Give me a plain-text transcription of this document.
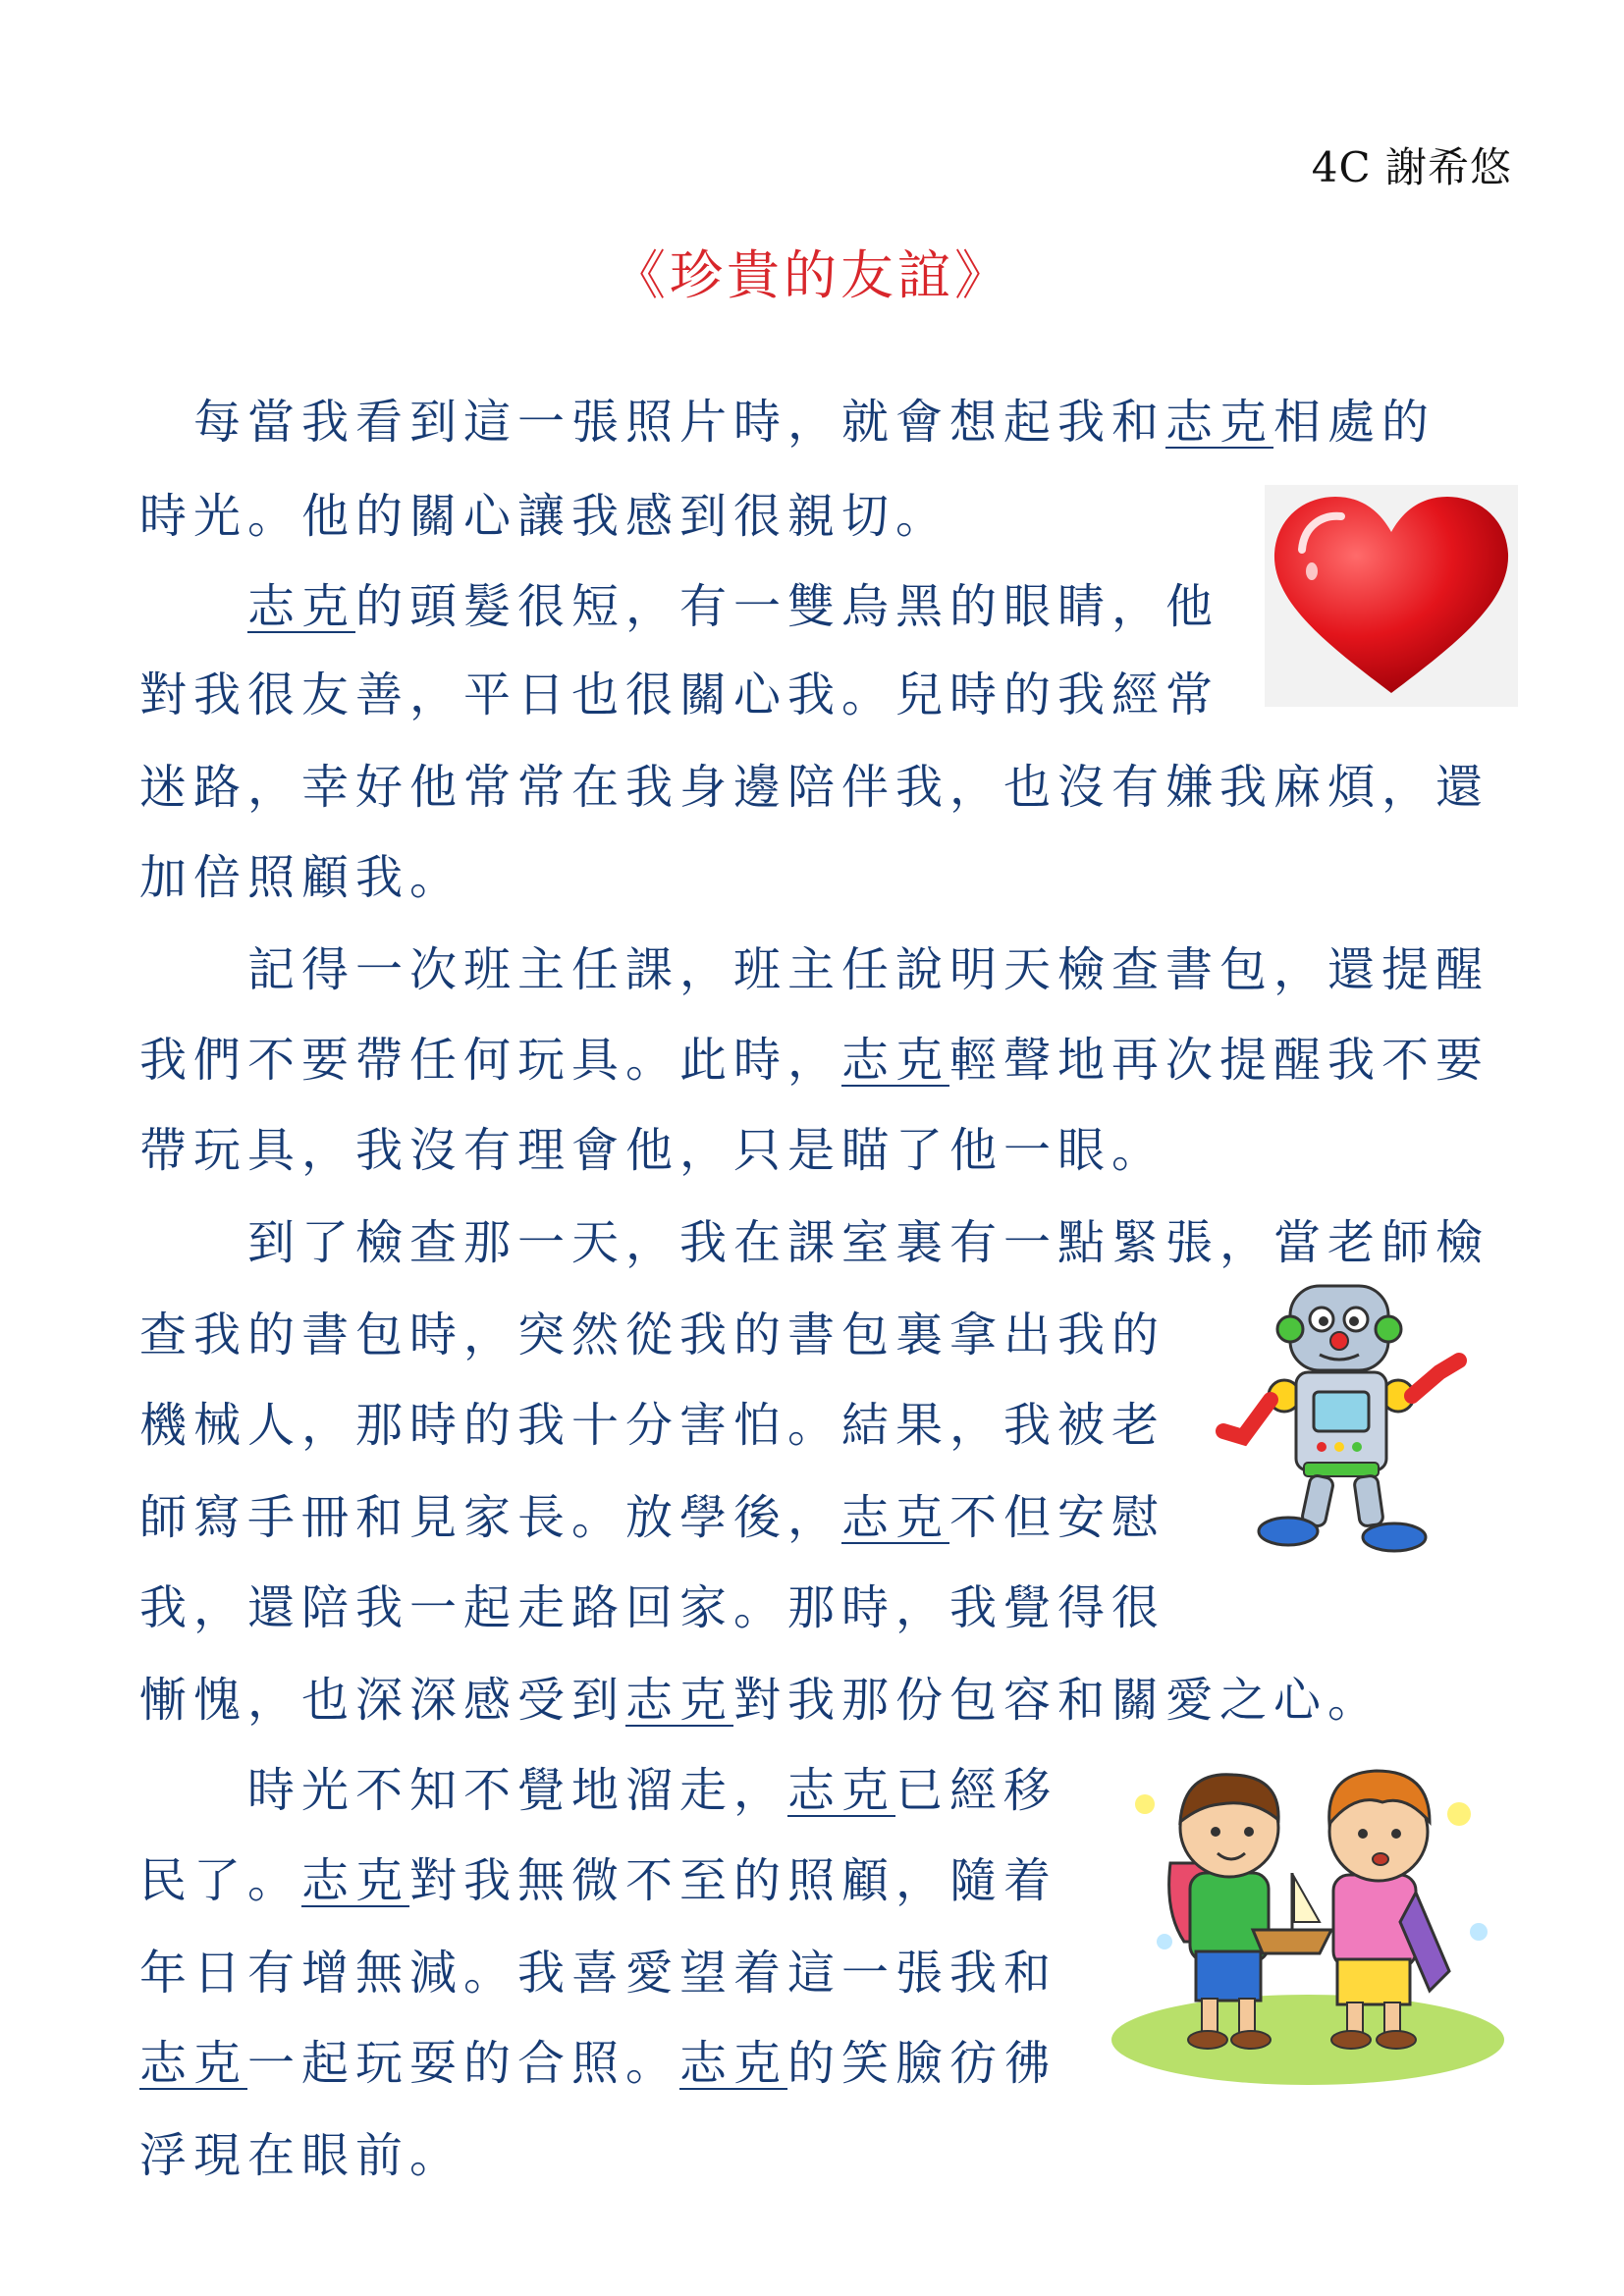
4C 謝希悠
《珍貴的友誼》
　每當我看到這一張照片時，就會想起我和志克相處的
時光。他的關心讓我感到很親切。
　　志克的頭髮很短，有一雙烏黑的眼睛，他
對我很友善，平日也很關心我。兒時的我經常
迷路，幸好他常常在我身邊陪伴我，也沒有嫌我麻煩，還
加倍照顧我。
　　記得一次班主任課，班主任說明天檢查書包，還提醒
我們不要帶任何玩具。此時，志克輕聲地再次提醒我不要
帶玩具，我沒有理會他，只是瞄了他一眼。
　　到了檢查那一天，我在課室裏有一點緊張，當老師檢
查我的書包時，突然從我的書包裏拿出我的
機械人，那時的我十分害怕。結果，我被老
師寫手冊和見家長。放學後，志克不但安慰
我，還陪我一起走路回家。那時，我覺得很
慚愧，也深深感受到志克對我那份包容和關愛之心。
　　時光不知不覺地溜走，志克已經移
民了。志克對我無微不至的照顧，隨着
年日有增無減。我喜愛望着這一張我和
志克一起玩耍的合照。志克的笑臉彷彿
浮現在眼前。
